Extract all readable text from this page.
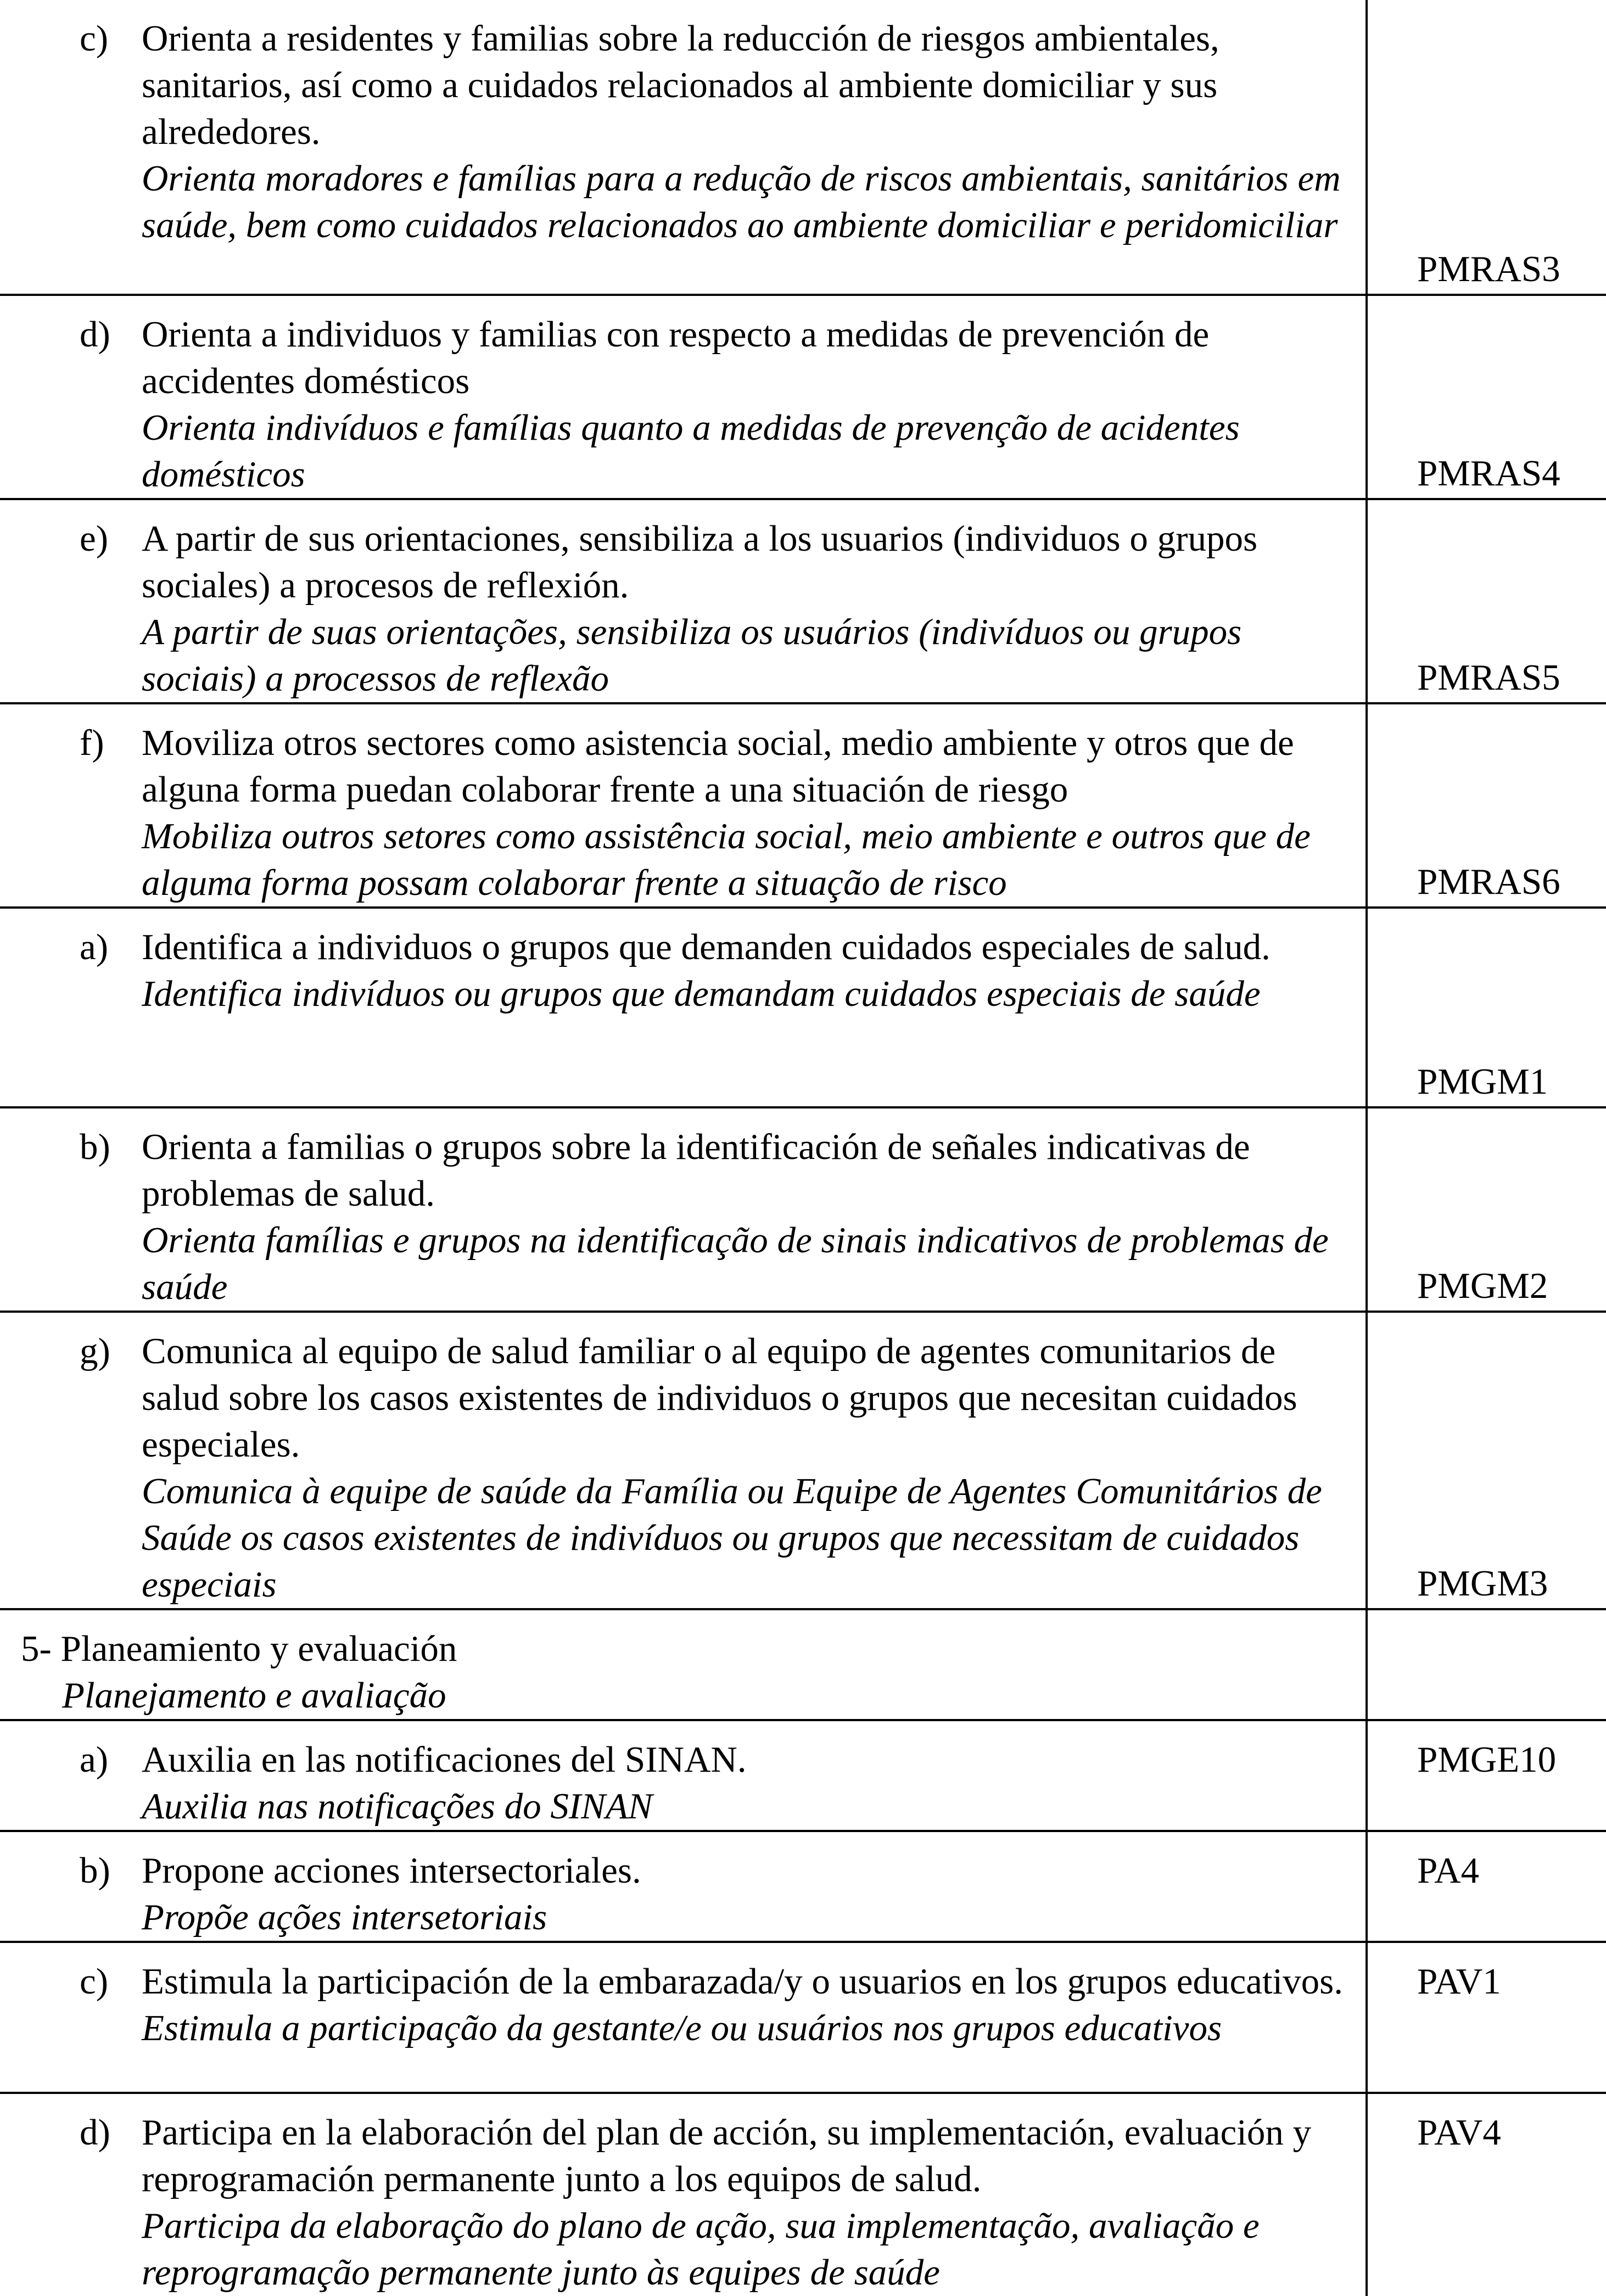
c) Orienta a residentes y familias sobre la reducción de riesgos ambientales, sanitarios, así como a cuidados relacionados al ambiente domiciliar y sus alrededores.
Orienta moradores e famílias para a redução de riscos ambientais, sanitários em saúde, bem como cuidados relacionados ao ambiente domiciliar e peridomiciliar	PMRAS3

d) Orienta a individuos y familias con respecto a medidas de prevención de accidentes domésticos
Orienta indivíduos e famílias quanto a medidas de prevenção de acidentes domésticos	PMRAS4

e) A partir de sus orientaciones, sensibiliza a los usuarios (individuos o grupos sociales) a procesos de reflexión.
A partir de suas orientações, sensibiliza os usuários (indivíduos ou grupos sociais) a processos de reflexão	PMRAS5

f) Moviliza otros sectores como asistencia social, medio ambiente y otros que de alguna forma puedan colaborar frente a una situación de riesgo
Mobiliza outros setores como assistência social, meio ambiente e outros que de alguma forma possam colaborar frente a situação de risco	PMRAS6

a) Identifica a individuos o grupos que demanden cuidados especiales de salud.
Identifica indivíduos ou grupos que demandam cuidados especiais de saúde	PMGM1

b) Orienta a familias o grupos sobre la identificación de señales indicativas de problemas de salud.
Orienta famílias e grupos na identificação de sinais indicativos de problemas de saúde	PMGM2

g) Comunica al equipo de salud familiar o al equipo de agentes comunitarios de salud sobre los casos existentes de individuos o grupos que necesitan cuidados especiales.
Comunica à equipe de saúde da Família ou Equipe de Agentes Comunitários de Saúde os casos existentes de indivíduos ou grupos que necessitam de cuidados especiais	PMGM3

5- Planeamiento y evaluación
Planejamento e avaliação	

a) Auxilia en las notificaciones del SINAN.
Auxilia nas notificações do SINAN	PMGE10

b) Propone acciones intersectoriales.
Propõe ações intersetoriais	PA4

c) Estimula la participación de la embarazada/y o usuarios en los grupos educativos.
Estimula a participação da gestante/e ou usuários nos grupos educativos	PAV1

d) Participa en la elaboración del plan de acción, su implementación, evaluación y reprogramación permanente junto a los equipos de salud.
Participa da elaboração do plano de ação, sua implementação, avaliação e reprogramação permanente junto às equipes de saúde	PAV4
